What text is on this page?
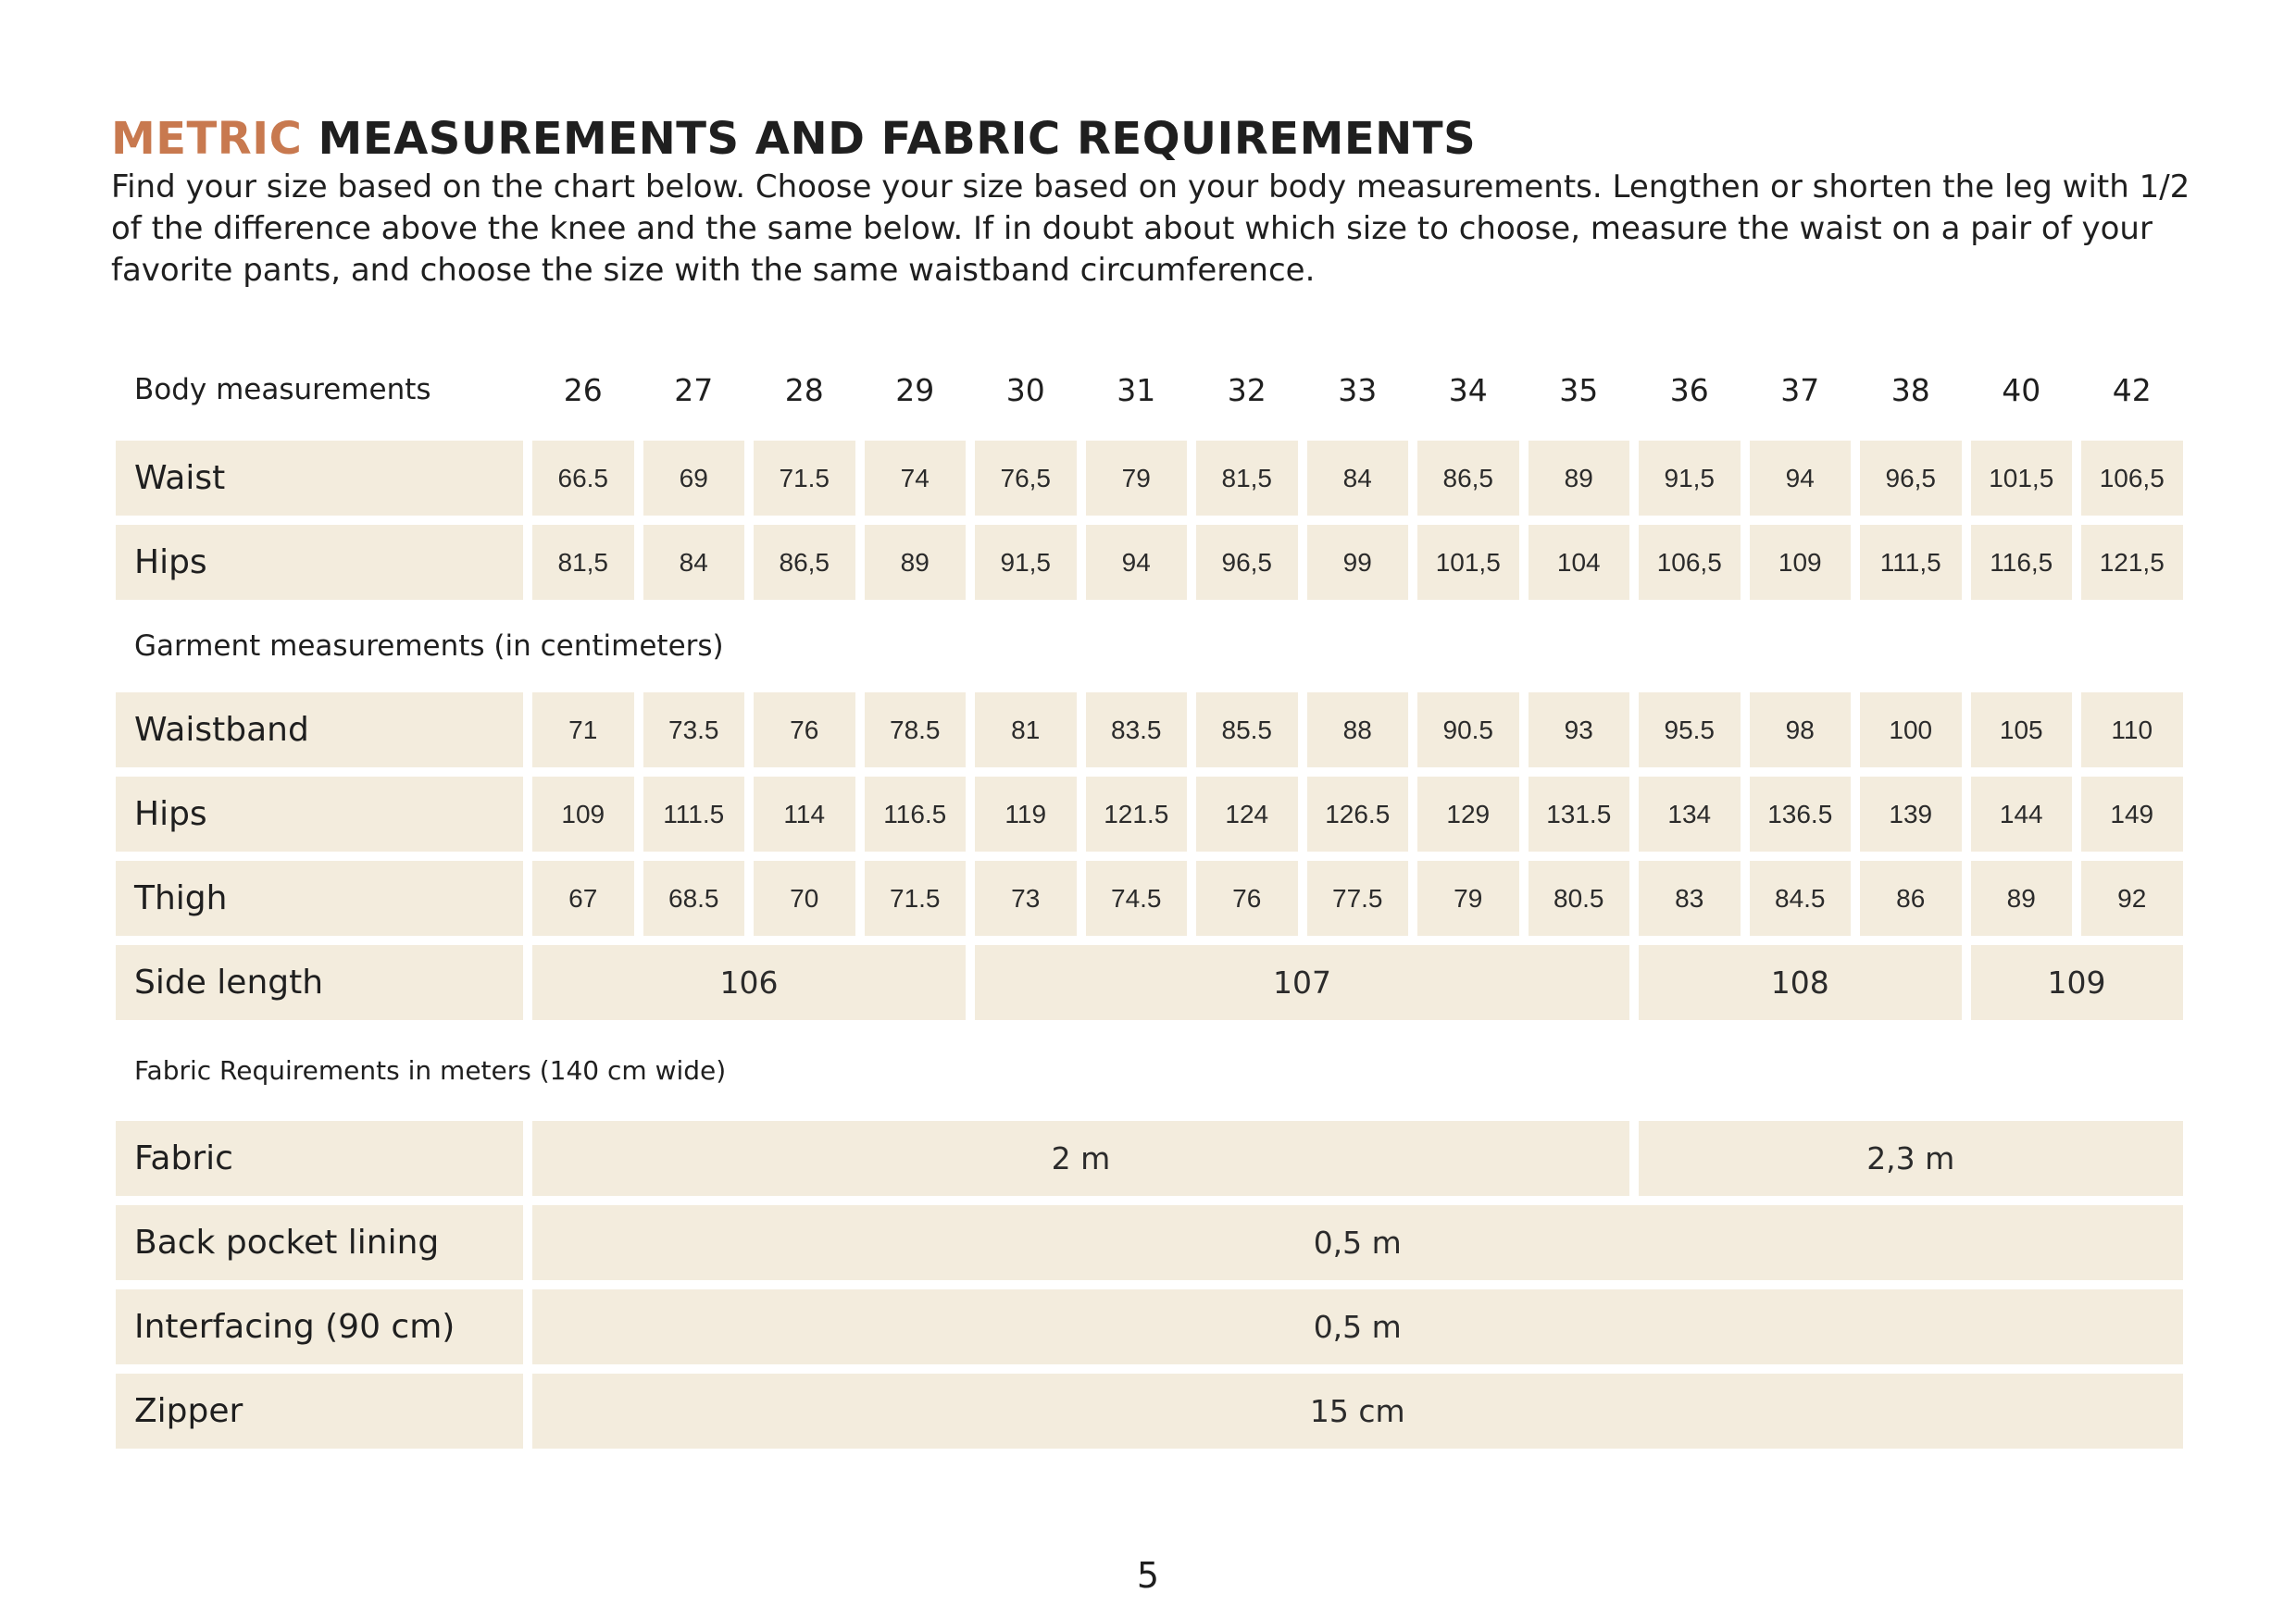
METRIC MEASUREMENTS AND FABRIC REQUIREMENTS

Find your size based on the chart below. Choose your size based on your body measurements. Lengthen or shorten the leg with 1/2 of the difference above the knee and the same below. If in doubt about which size to choose, measure the waist on a pair of your favorite pants, and choose the size with the same waistband circumference.

Body measurements	26	27	28	29	30	31	32	33	34	35	36	37	38	40	42
Waist	66.5	69	71.5	74	76,5	79	81,5	84	86,5	89	91,5	94	96,5	101,5	106,5
Hips	81,5	84	86,5	89	91,5	94	96,5	99	101,5	104	106,5	109	111,5	116,5	121,5
Garment measurements (in centimeters)
Waistband	71	73.5	76	78.5	81	83.5	85.5	88	90.5	93	95.5	98	100	105	110
Hips	109	111.5	114	116.5	119	121.5	124	126.5	129	131.5	134	136.5	139	144	149
Thigh	67	68.5	70	71.5	73	74.5	76	77.5	79	80.5	83	84.5	86	89	92
Side length	106	107	108	109
Fabric Requirements in meters (140 cm wide)
Fabric	2 m	2,3 m
Back pocket lining	0,5 m
Interfacing (90 cm)	0,5 m
Zipper	15 cm
5
